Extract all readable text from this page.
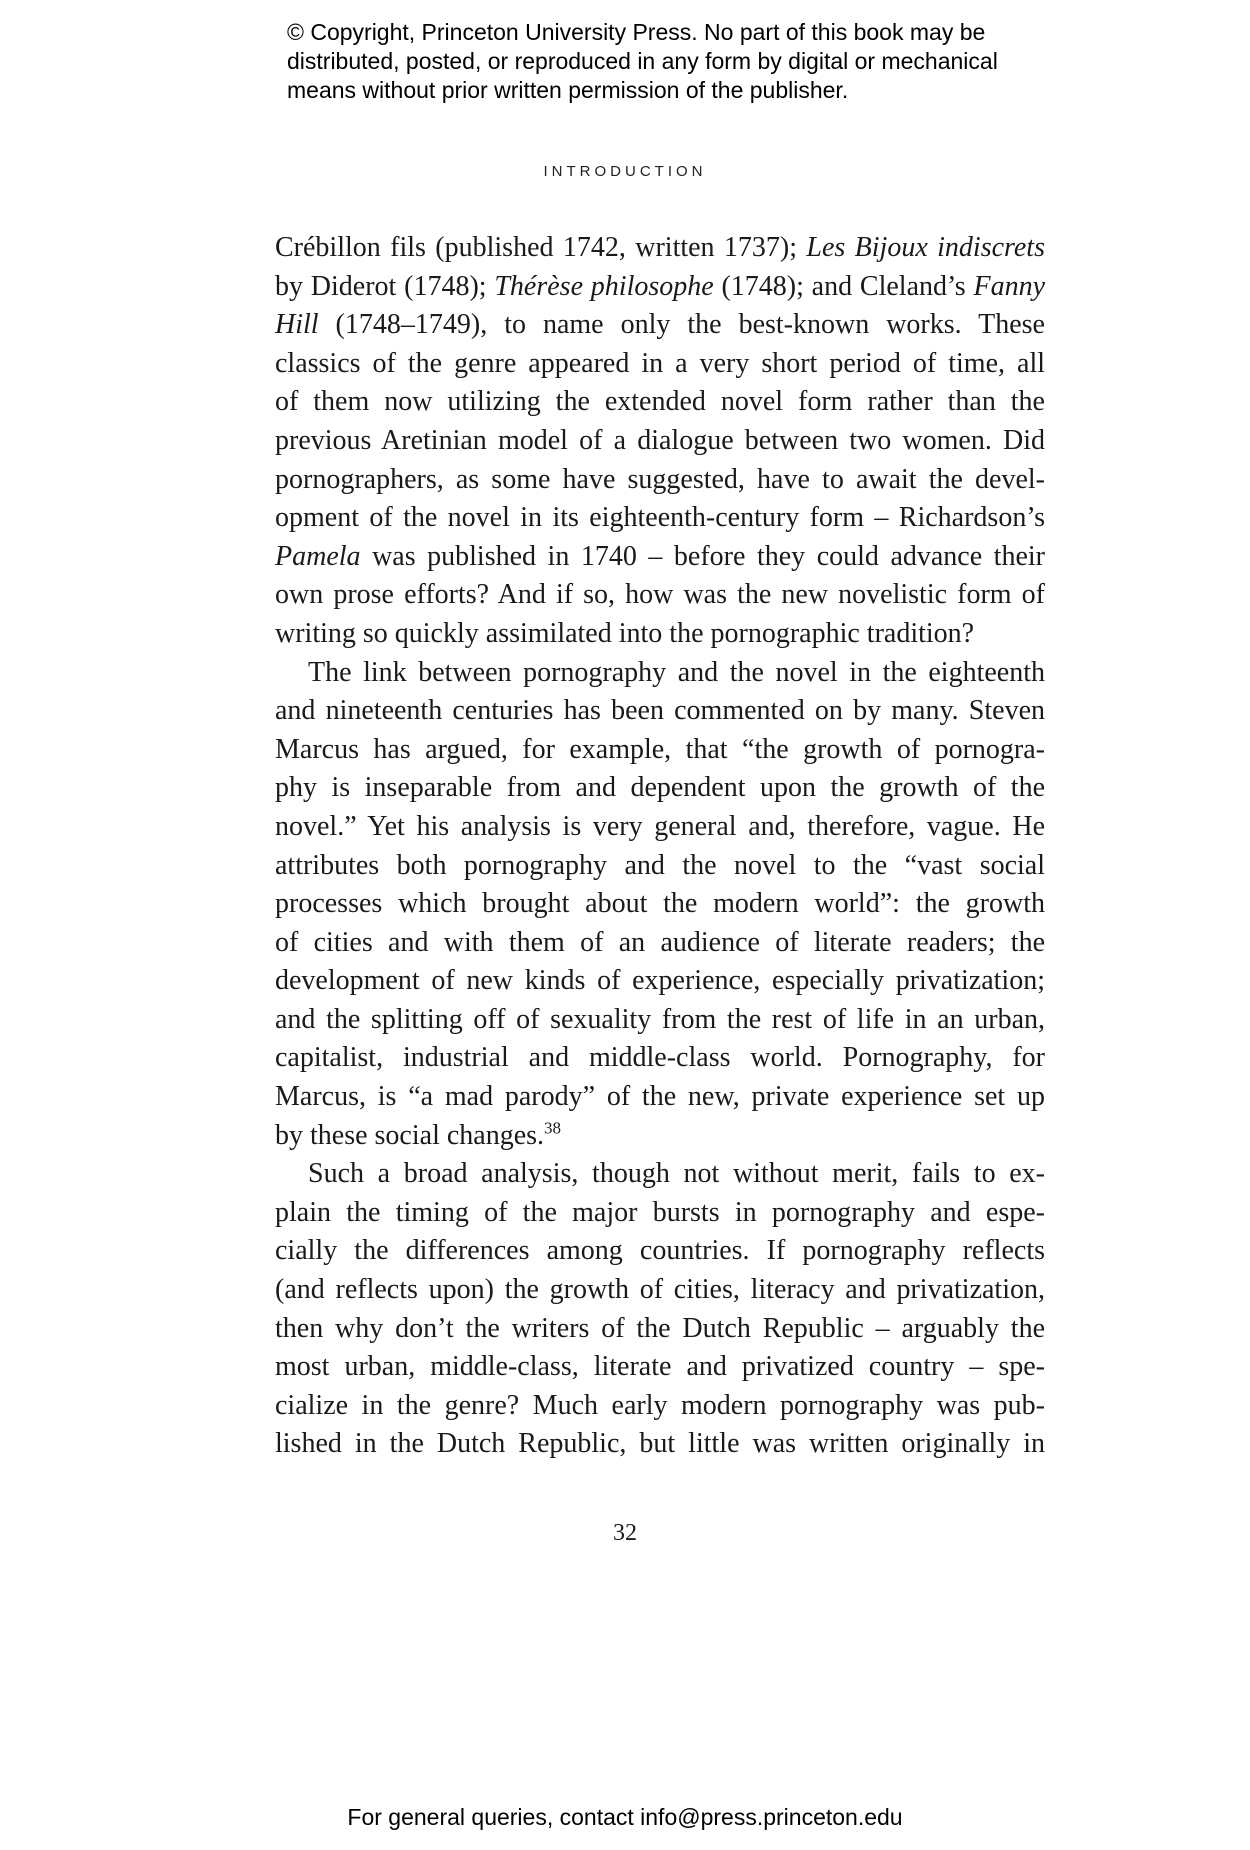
© Copyright, Princeton University Press. No part of this book may be
distributed, posted, or reproduced in any form by digital or mechanical
means without prior written permission of the publisher.
INTRODUCTION
Crébillon fils (published 1742, written 1737); Les Bijoux indiscrets
by Diderot (1748); Thérèse philosophe (1748); and Cleland’s Fanny
Hill (1748–1749), to name only the best-known works. These
classics of the genre appeared in a very short period of time, all
of them now utilizing the extended novel form rather than the
previous Aretinian model of a dialogue between two women. Did
pornographers, as some have suggested, have to await the devel-
opment of the novel in its eighteenth-century form – Richardson’s
Pamela was published in 1740 – before they could advance their
own prose efforts? And if so, how was the new novelistic form of
writing so quickly assimilated into the pornographic tradition?
The link between pornography and the novel in the eighteenth
and nineteenth centuries has been commented on by many. Steven
Marcus has argued, for example, that “the growth of pornogra-
phy is inseparable from and dependent upon the growth of the
novel.” Yet his analysis is very general and, therefore, vague. He
attributes both pornography and the novel to the “vast social
processes which brought about the modern world”: the growth
of cities and with them of an audience of literate readers; the
development of new kinds of experience, especially privatization;
and the splitting off of sexuality from the rest of life in an urban,
capitalist, industrial and middle-class world. Pornography, for
Marcus, is “a mad parody” of the new, private experience set up
by these social changes.$^{38}$
Such a broad analysis, though not without merit, fails to ex-
plain the timing of the major bursts in pornography and espe-
cially the differences among countries. If pornography reflects
(and reflects upon) the growth of cities, literacy and privatization,
then why don’t the writers of the Dutch Republic – arguably the
most urban, middle-class, literate and privatized country – spe-
cialize in the genre? Much early modern pornography was pub-
lished in the Dutch Republic, but little was written originally in
32
For general queries, contact info@press.princeton.edu
